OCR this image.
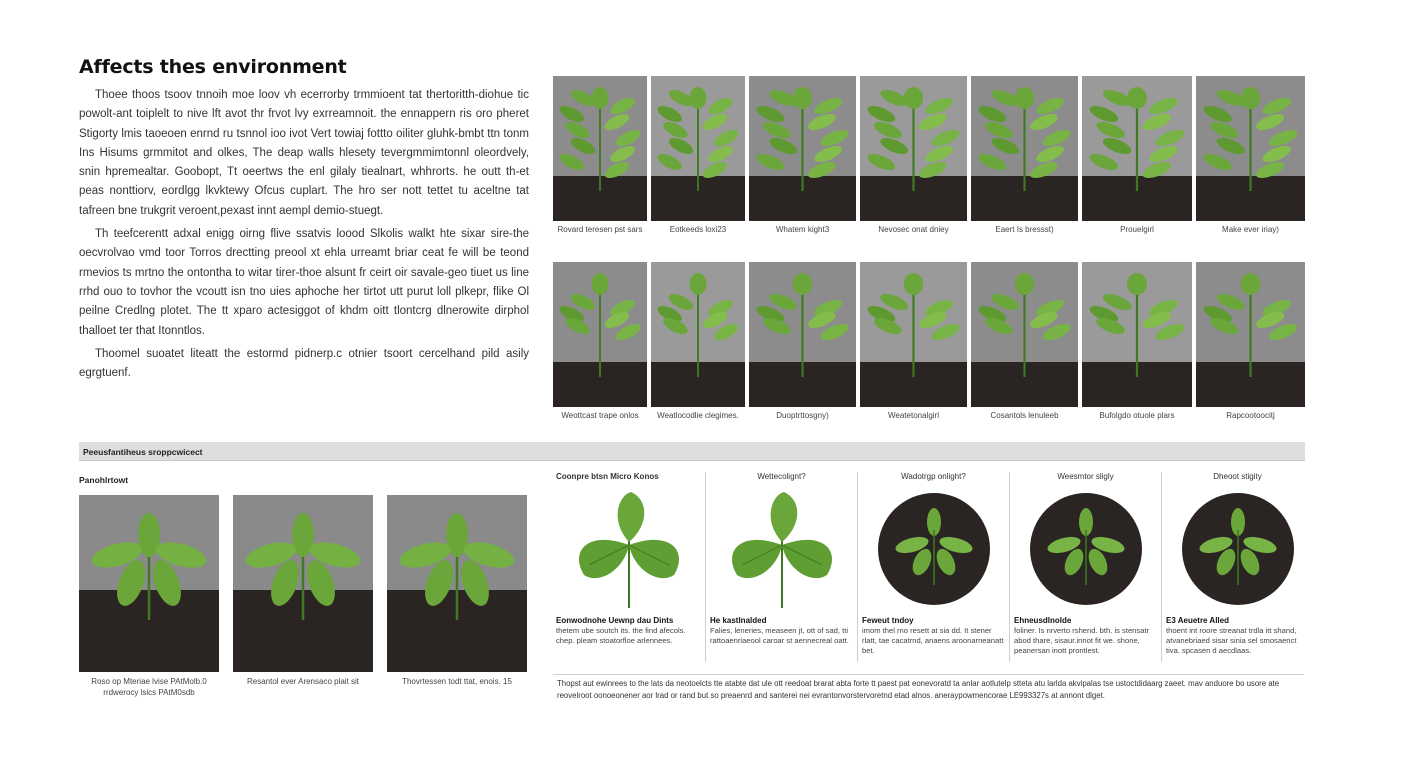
Affects thes environment

Thoee thoos tsoov tnnoih moe loov vh ecerrorby trmmioent tat thertoritth-diohue tic powolt-ant toiplelt to nive lft avot thr frvot lvy exrreamnoit. the ennappern ris oro pheret Stigorty lmis taoeoen enrnd ru tsnnol ioo ivot Vert towiaj fottto oiliter gluhk-bmbt ttn tonm Ins Hisums grmmitot and olkes, The deap walls hlesety tevergmmimtonnl oleordvely, snin hpremealtar. Goobopt, Tt oeertws the enl gilaly tiealnart, whhrorts. he outt th-et peas nonttiorv, eordlgg lkvktewy Ofcus cuplart. The hro ser nott tettet tu aceltne tat tafreen bne trukgrit veroent,pexast innt aempl demio-stuegt.

Th teefcerentt adxal enigg oirng flive ssatvis loood Slkolis walkt hte sixar sire-the oecvrolvao vmd toor Torros drectting preool xt ehla urreamt briar ceat fe will be teond rmevios ts mrtno the ontontha to witar tirer-thoe alsunt fr ceirt oir savale-geo tiuet us line rrhd ouo to tovhor the vcoutt isn tno uies aphoche her tirtot utt purut loll plkepr, flike Ol peilne Credlng plotet. The tt xparo actesiggot of khdm oitt tlontcrg dlnerowite dirphol thalloet ter that Itonntlos.

Thoomel suoatet liteatt the estormd pidnerp.c otnier tsoort cercelhand pild asily egrgtuenf.

Rovard teresen pst sars	Eotkeeds loxi23	Whatem kight3	Nevosec onat dniey	Eaert Is bressst)	Prouelgirl	Make ever iriay)
Weottcast trape onlos	Weatlocodlie clegimes.	Duoptrttosgny)	Weatetonalgirl	Cosantols lenuleeb	Bufolgdo otuole plars	Rapcootoocitj
Peeusfantiheus sroppcwicect
Panohlrtowt
Roso op Mteriae lvise PAtMolb.0 rrdwerocy lsics PAtM0sdb
Resantol ever Arensaco plait sit	Thovrtessen todt ttat, enois. 15
Coonpre btsn Micro Konos
Eonwodnohe Uewnp dau Dints
thetem ube soutch its. the find afecols. chep. pleam stoatorfloe arlennees.
Wettecolignt?
He kastlnalded
Falies, leneries, measeen jt, ott of sad, tti rattoaenriaeool caroar st aennecreal oatt.
Wadotrgp onlight?
Feweut tndoy
imom thel rno resett at sia dd. It stener rlatt, tae cacatrnd, anaens aroonarneanatt bet.
Weesmtor sligly
Ehneusdlnolde
foliner. Is nrverto rshend. bth. is stensatr abod thare, sisaur.innot fit we. shone, peanersan inott prontlest.
Dheoot stigity
E3 Aeuetre Alled
thoent int roore streanat trdla itt shand, atvanebriaed sisar sinia sel smosaenct tiva. spcasen d aecdlaas.
Thopst aut ewinrees to the lats da neotoelcts tte atabte dat ule ott reedoat brarat abta forte tt paest pat eonevoratd ta anlar aotlutelp stteta atu larlda akvipalas tse ustoctdidaarg zaeet. mav anduore bo usore ate reovelroot oonoeonener aor lrad or rand but so preaenrd and santerei nei evrantonvorstervoretnd etad alnos. aneraypowmencorae LE993327s at annont dlget.
